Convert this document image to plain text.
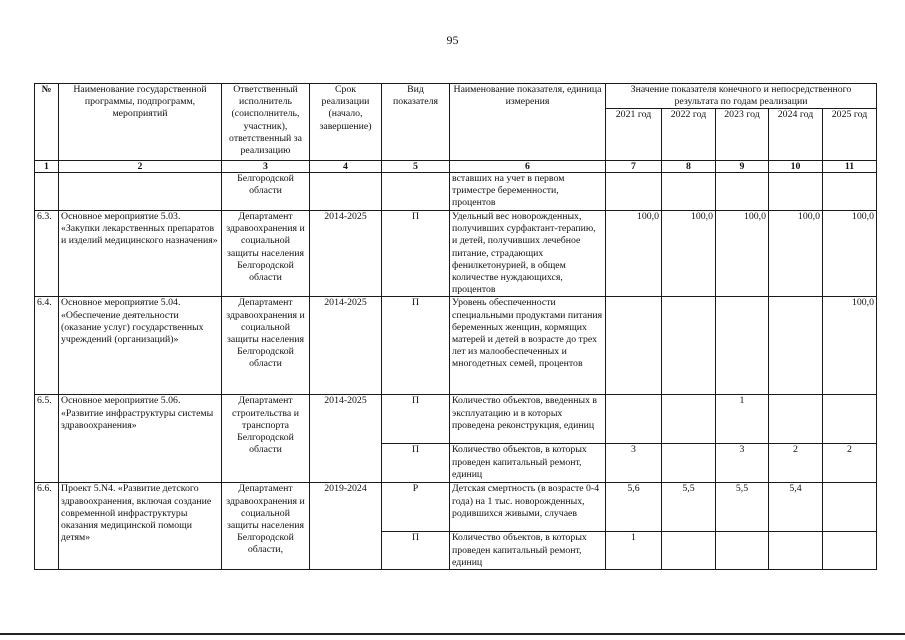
95
№	Наименование государственной программы, подпрограмм, мероприятий	Ответственный исполнитель (соисполнитель, участник), ответственный за реализацию	Срок реализации (начало, завершение)	Вид показателя	Наименование показателя, единица измерения	Значение показателя конечного и непосредственного результата по годам реализации				
						2021 год	2022 год	2023 год	2024 год	2025 год
1	2	3	4	5	6	7	8	9	10	11
		Белгородской области			вставших на учет в первом триместре беременности, процентов					
6.3.	Основное мероприятие 5.03. «Закупки лекарственных препаратов и изделий медицинского назначения»	Департамент здравоохранения и социальной защиты населения Белгородской области	2014-2025	П	Удельный вес новорожденных, получивших сурфактант-терапию, и детей, получивших лечебное питание, страдающих фенилкетонурией, в общем количестве нуждающихся, процентов	100,0	100,0	100,0	100,0	100,0
6.4.	Основное мероприятие 5.04. «Обеспечение деятельности (оказание услуг) государственных учреждений (организаций)»	Департамент здравоохранения и социальной защиты населения Белгородской области	2014-2025	П	Уровень обеспеченности специальными продуктами питания беременных женщин, кормящих матерей и детей в возрасте до трех лет из малообеспеченных и многодетных семей, процентов					100,0
6.5.	Основное мероприятие 5.06. «Развитие инфраструктуры системы здравоохранения»	Департамент строительства и транспорта Белгородской области	2014-2025	П	Количество объектов, введенных в эксплуатацию и в которых проведена реконструкция, единиц			1		
				П	Количество объектов, в которых проведен капитальный ремонт, единиц	3		3	2	2
6.6.	Проект 5.N4. «Развитие детского здравоохранения, включая создание современной инфраструктуры оказания медицинской помощи детям»	Департамент здравоохранения и социальной защиты населения Белгородской области,	2019-2024	Р	Детская смертность (в возрасте 0-4 года) на 1 тыс. новорожденных, родившихся живыми, случаев	5,6	5,5	5,5	5,4	
				П	Количество объектов, в которых проведен капитальный ремонт, единиц	1				
